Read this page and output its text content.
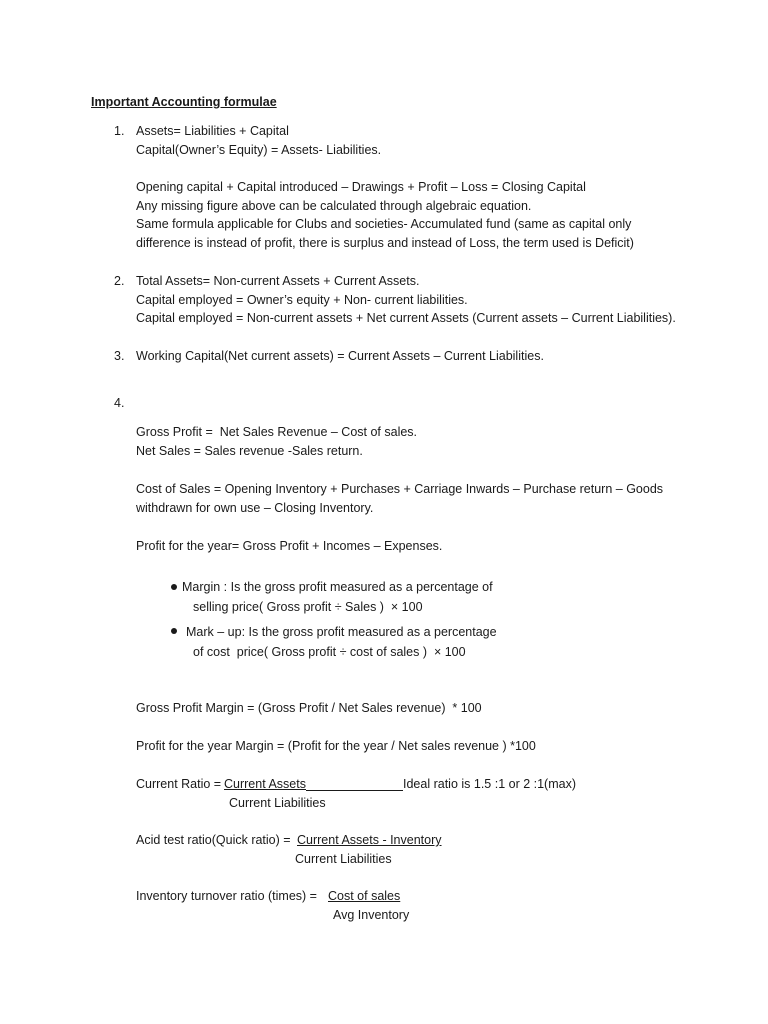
Important Accounting formulae
1. Assets= Liabilities + Capital
Capital(Owner’s Equity) = Assets- Liabilities.
Opening capital + Capital introduced – Drawings + Profit – Loss = Closing Capital
Any missing figure above can be calculated through algebraic equation.
Same formula applicable for Clubs and societies- Accumulated fund (same as capital only
difference is instead of profit, there is surplus and instead of Loss, the term used is Deficit)
2. Total Assets= Non-current Assets + Current Assets.
Capital employed = Owner’s equity + Non- current liabilities.
Capital employed = Non-current assets + Net current Assets (Current assets – Current Liabilities).
3. Working Capital(Net current assets) = Current Assets – Current Liabilities.
4.
Gross Profit =  Net Sales Revenue – Cost of sales.
Net Sales = Sales revenue -Sales return.
Cost of Sales = Opening Inventory + Purchases + Carriage Inwards – Purchase return – Goods
withdrawn for own use – Closing Inventory.
Profit for the year= Gross Profit + Incomes – Expenses.
Margin : Is the gross profit measured as a percentage of
selling price( Gross profit ÷ Sales )  × 100
Mark – up: Is the gross profit measured as a percentage
of cost  price( Gross profit ÷ cost of sales )  × 100
Gross Profit Margin = (Gross Profit / Net Sales revenue)  * 100
Profit for the year Margin = (Profit for the year / Net sales revenue ) *100
Current Ratio = Current Assets	Ideal ratio is 1.5 :1 or 2 :1(max)
Current Liabilities
Acid test ratio(Quick ratio) = Current Assets - Inventory
Current Liabilities
Inventory turnover ratio (times) = Cost of sales
Avg Inventory
